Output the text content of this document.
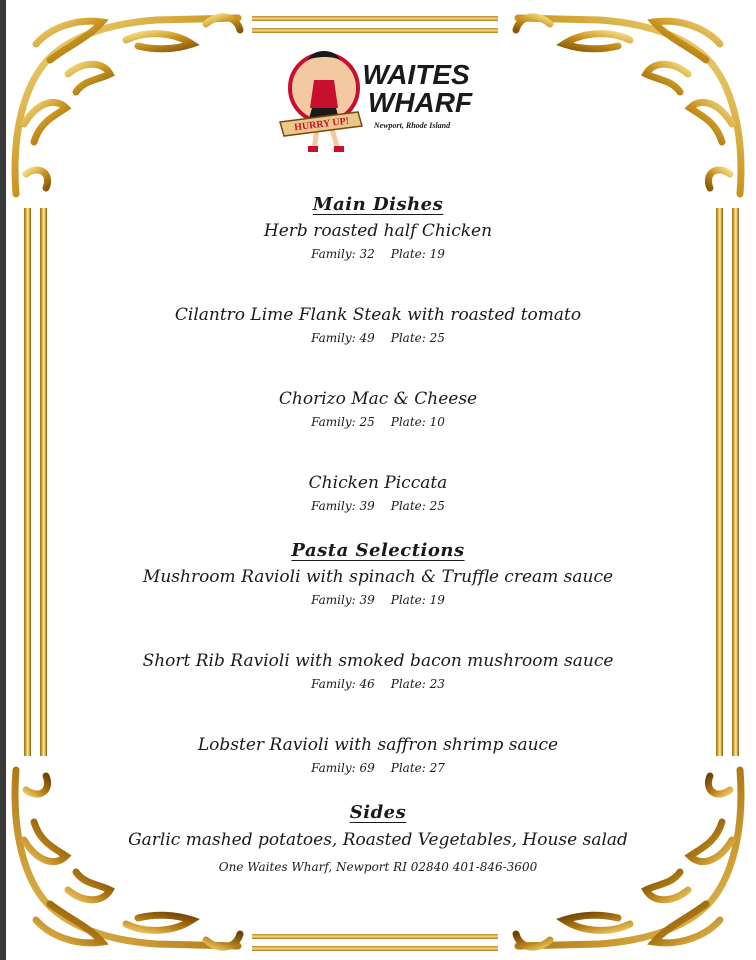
HURRY UP!
WAITES
WHARF
Newport, Rhode Island

Main Dishes

Herb roasted half Chicken
Family: 32 Plate: 19
Cilantro Lime Flank Steak with roasted tomato
Family: 49 Plate: 25
Chorizo Mac & Cheese
Family: 25 Plate: 10
Chicken Piccata
Family: 39 Plate: 25

Pasta Selections

Mushroom Ravioli with spinach & Truffle cream sauce
Family: 39 Plate: 19
Short Rib Ravioli with smoked bacon mushroom sauce
Family: 46 Plate: 23
Lobster Ravioli with saffron shrimp sauce
Family: 69 Plate: 27

Sides

Garlic mashed potatoes, Roasted Vegetables, House salad
One Waites Wharf, Newport RI 02840 401-846-3600
